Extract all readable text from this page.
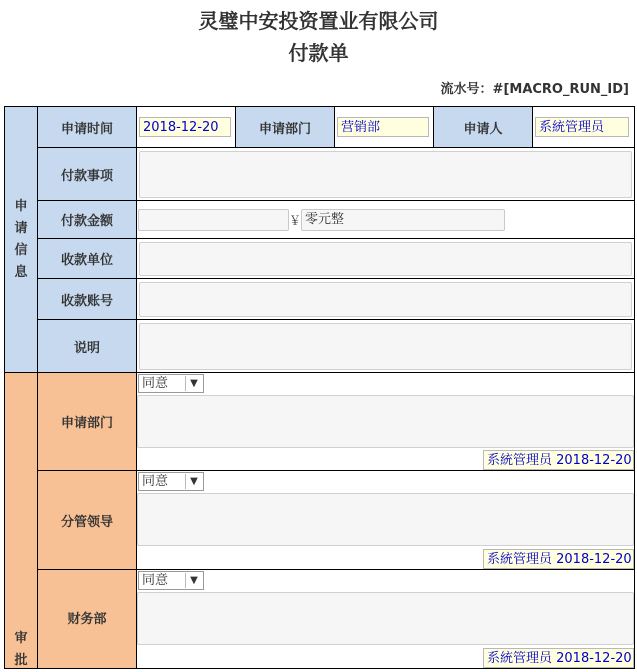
灵璧中安投资置业有限公司
付款单
流水号：#[MACRO_RUN_ID]
申请信息	申请时间	2018-12-20	申请部门	营销部	申请人	系統管理员
	付款事项					

	付款金额	￥ 零元整				
	收款单位					

	收款账号					

	说明					

审批	申请部门	同意 ▼
系統管理员 2018-12-20				

	分管领导	同意 ▼
系統管理员 2018-12-20				

	财务部	同意 ▼
系統管理员 2018-12-20				
